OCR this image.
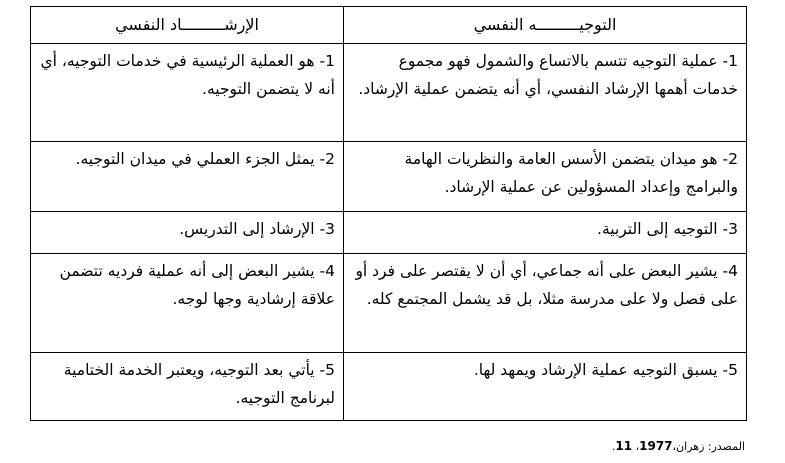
التوجيـــــــــه النفسي	الإرشـــــــــاد النفسي
1- عملية التوجيه تتسم بالاتساع والشمول فهو مجموع خدمات أهمها الإرشاد النفسي، أي أنه يتضمن عملية الإرشاد.	1- هو العملية الرئيسية في خدمات التوجيه، أي أنه لا يتضمن التوجيه.
2- هو ميدان يتضمن الأسس العامة والنظريات الهامة والبرامج وإعداد المسؤولين عن عملية الإرشاد.	2- يمثل الجزء العملي في ميدان التوجيه.
3- التوجيه إلى التربية.	3- الإرشاد إلى التدريس.
4- يشير البعض على أنه جماعي، أي أن لا يقتصر على فرد أو على فصل ولا على مدرسة مثلا، بل قد يشمل المجتمع كله.	4- يشير البعض إلى أنه عملية فرديه تتضمن علاقة إرشادية وجها لوجه.
5- يسبق التوجيه عملية الإرشاد ويمهد لها.	5- يأتي بعد التوجيه، ويعتبر الخدمة الختامية لبرنامج التوجيه.
المصدر: زهران،1977، 11.
